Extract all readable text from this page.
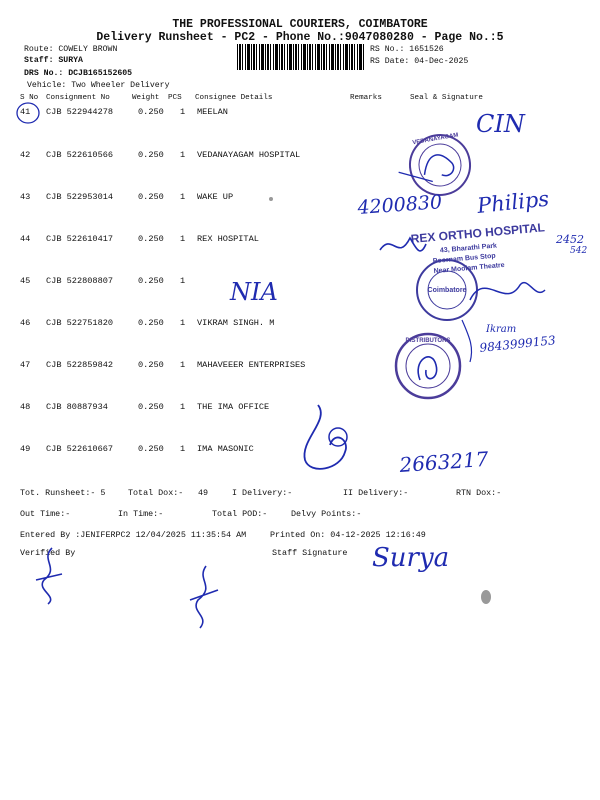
THE PROFESSIONAL COURIERS, COIMBATORE
Delivery Runsheet - PC2 - Phone No.:9047080280 - Page No.:5
Route: COWELY BROWN
Staff: SURYA
DRS No.: DCJB165152605
Vehicle: Two Wheeler Delivery
RS No.: 1651526
RS Date: 04-Dec-2025
S No Consignment No	Weight PCS Consignee Details	Remarks	Seal & Signature
41 CJB 522944278	0.250 1 MEELAN
42 CJB 522610566	0.250 1 VEDANAYAGAM HOSPITAL
43 CJB 522953014	0.250 1 WAKE UP
44 CJB 522610417	0.250 1 REX HOSPITAL
45 CJB 522808807	0.250 1
46 CJB 522751820	0.250 1 VIKRAM SINGH. M
47 CJB 522859842	0.250 1 MAHAVEEER ENTERPRISES
48 CJB 80887934	0.250 1 THE IMA OFFICE
49 CJB 522610667	0.250 1 IMA MASONIC
Tot. Runsheet:- 5	Total Dox:- 49	I Delivery:-	II Delivery:-	RTN Dox:-
Out Time:-	In Time:-	Total POD:-	Delvy Points:-
Entered By :JENIFERPC2 12/04/2025 11:35:54 AM	Printed On: 04-12-2025 12:16:49
Verified By	Staff Signature
VEDANAYAGAM
CIN
4200830 Philips
REX ORTHO HOSPITAL
43, Bharathi Park
Poornam Bus Stop
Near Moolam Theatre
2452
542
Coimbatore
NIA
Ikram
9843999153
DISTRIBUTORS
2663217
Surya
